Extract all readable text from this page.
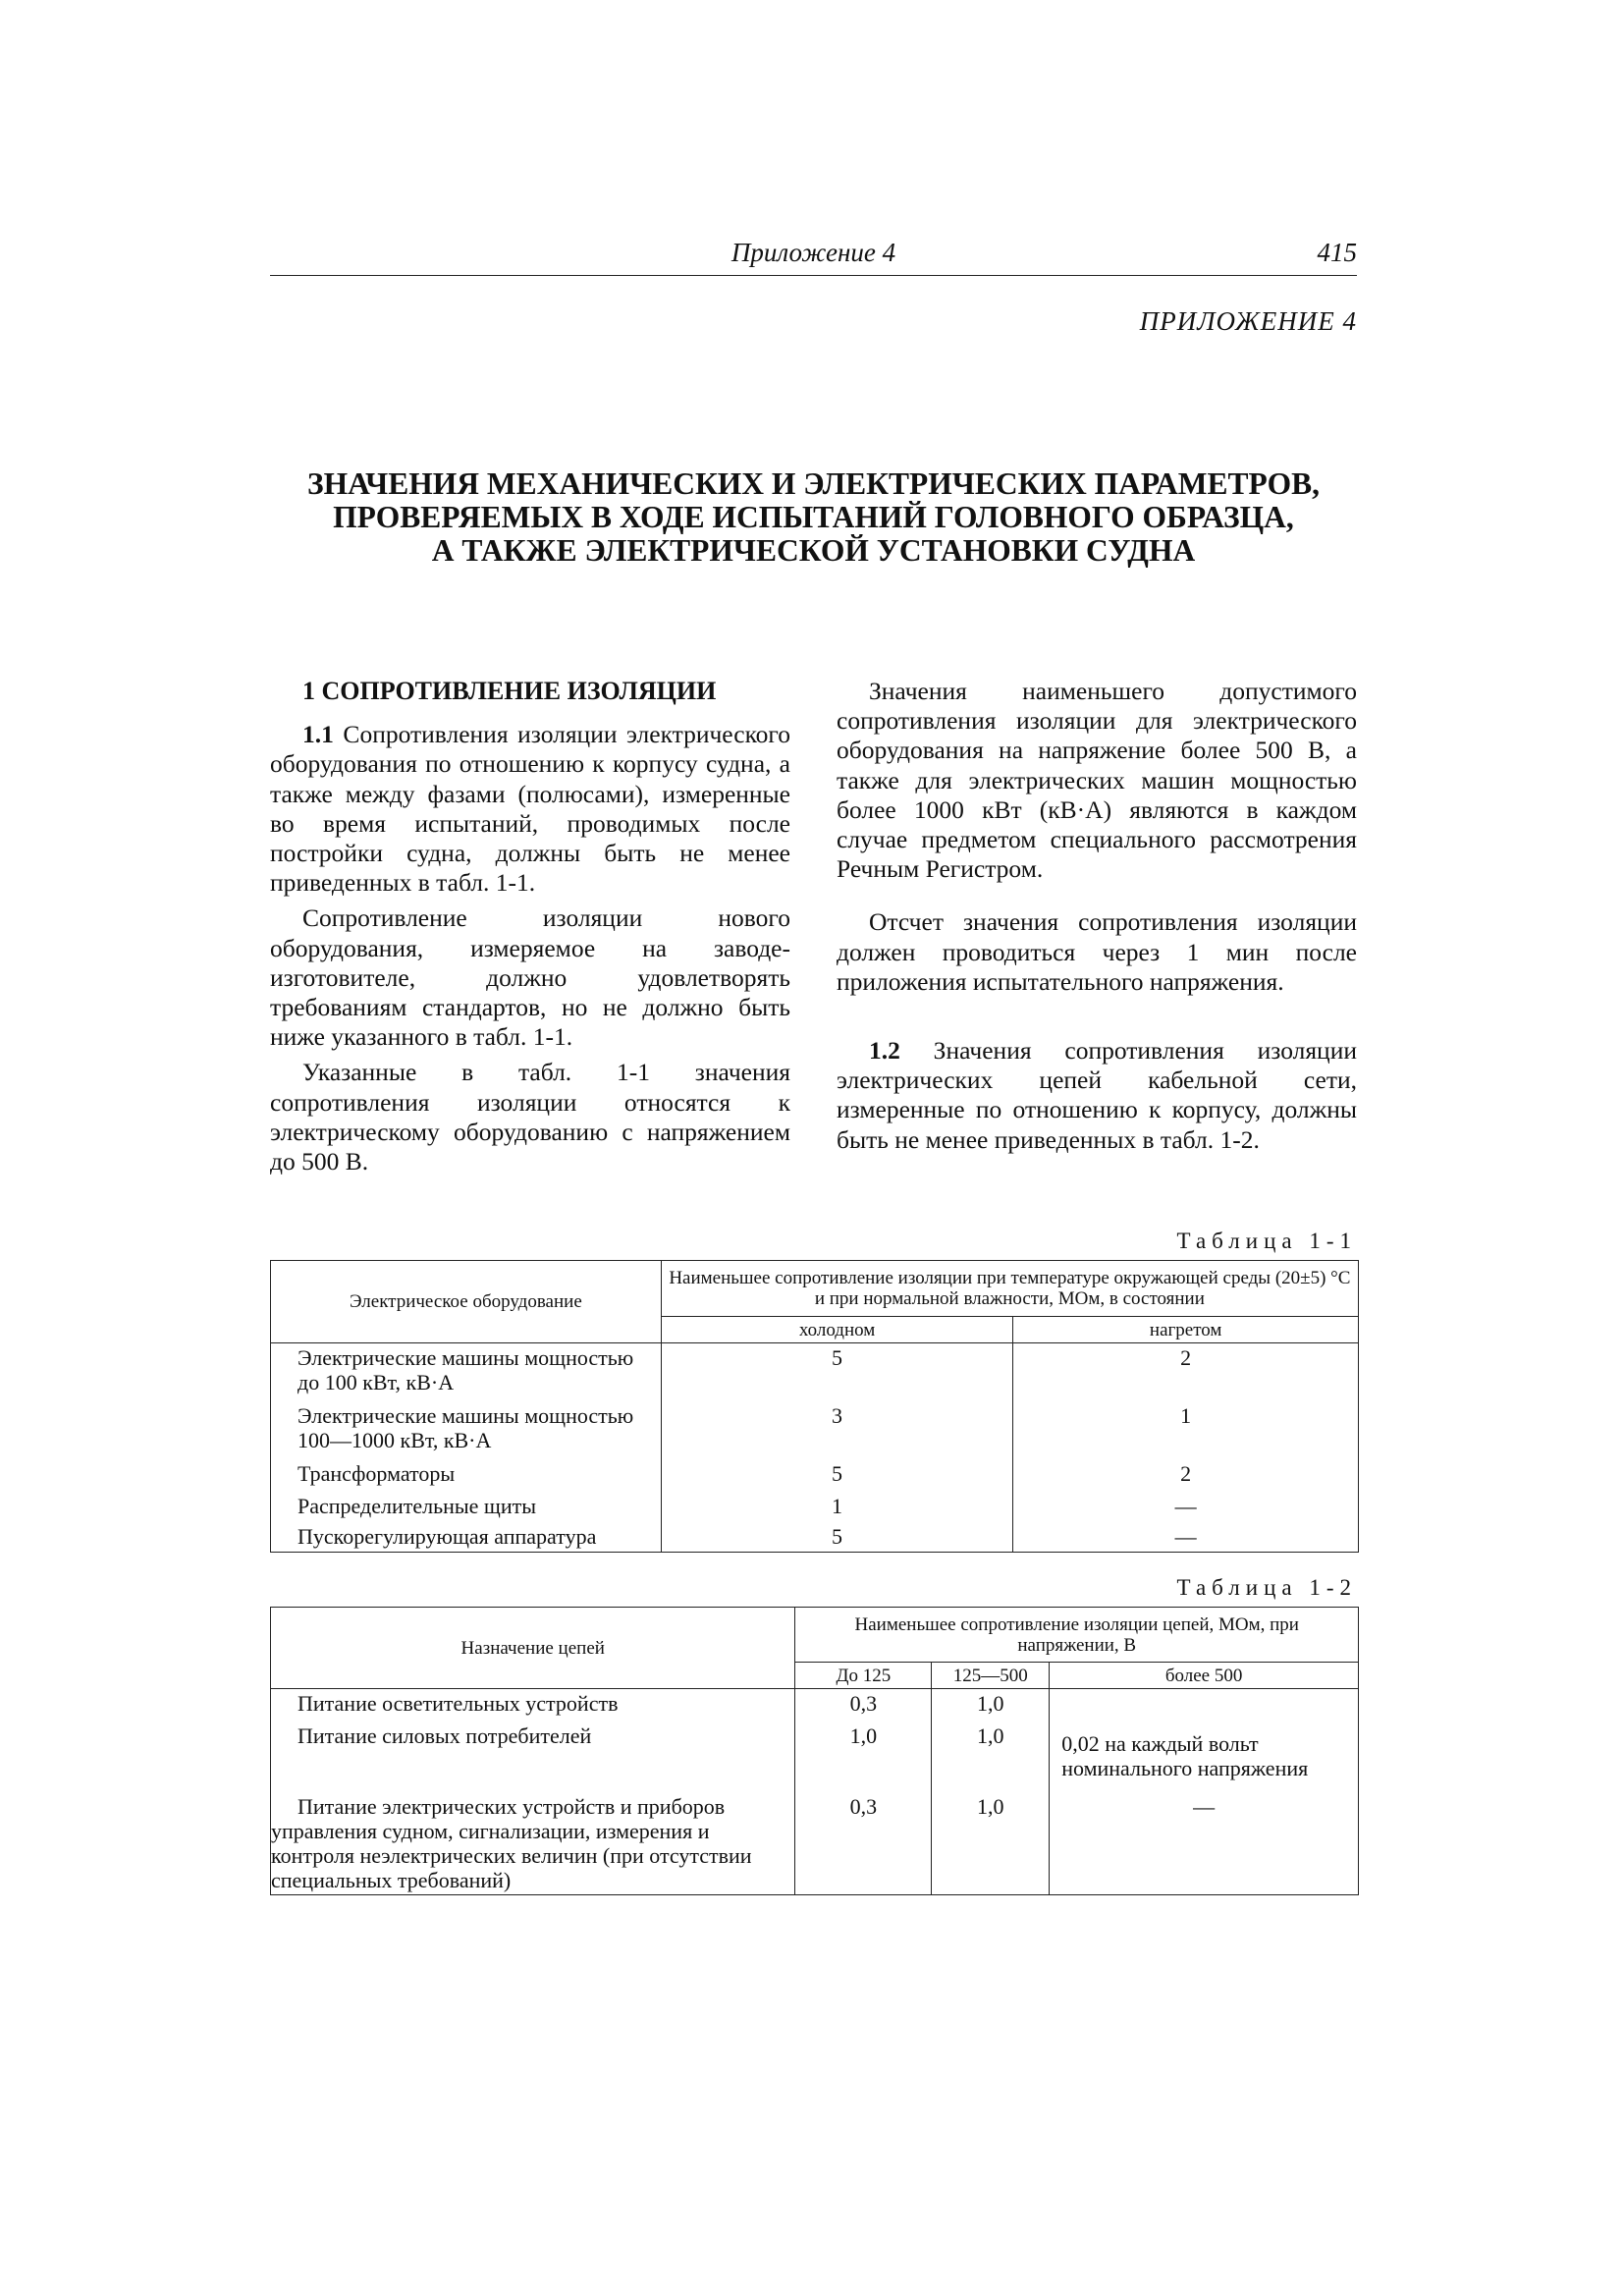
Приложение 4	415
ПРИЛОЖЕНИЕ 4
ЗНАЧЕНИЯ МЕХАНИЧЕСКИХ И ЭЛЕКТРИЧЕСКИХ ПАРАМЕТРОВ,
ПРОВЕРЯЕМЫХ В ХОДЕ ИСПЫТАНИЙ ГОЛОВНОГО ОБРАЗЦА,
А ТАКЖЕ ЭЛЕКТРИЧЕСКОЙ УСТАНОВКИ СУДНА
1 СОПРОТИВЛЕНИЕ ИЗОЛЯЦИИ

1.1 Сопротивления изоляции электрического оборудования по отношению к корпусу судна, а также между фазами (полюсами), измеренные во время испытаний, проводимых после постройки судна, должны быть не менее приведенных в табл. 1-1.

Сопротивление изоляции нового оборудования, измеряемое на заводе-изготовителе, должно удовлетворять требованиям стандартов, но не должно быть ниже указанного в табл. 1-1.

Указанные в табл. 1-1 значения сопротивления изоляции относятся к электрическому оборудованию с напряжением до 500 В.

Значения наименьшего допустимого сопротивления изоляции для электрического оборудования на напряжение более 500 В, а также для электрических машин мощностью более 1000 кВт (кВ·А) являются в каждом случае предметом специального рассмотрения Речным Регистром.

Отсчет значения сопротивления изоляции должен проводиться через 1 мин после приложения испытательного напряжения.

1.2 Значения сопротивления изоляции электрических цепей кабельной сети, измеренные по отношению к корпусу, должны быть не менее приведенных в табл. 1-2.

Таблица 1-1
Электрическое оборудование	Наименьшее сопротивление изоляции при температуре окружающей среды (20±5) °С и при нормальной влажности, МОм, в состоянии	
	холодном	нагретом
Электрические машины мощностью до 100 кВт, кВ·А	5	2
Электрические машины мощностью 100—1000 кВт, кВ·А	3	1
Трансформаторы	5	2
Распределительные щиты	1	—
Пускорегулирующая аппаратура	5	—
Таблица 1-2
Назначение цепей	Наименьшее сопротивление изоляции цепей, МОм, при напряжении, В		
	До 125	125—500	более 500
Питание осветительных устройств	0,3	1,0	
Питание силовых потребителей	1,0	1,0	0,02 на каждый вольт номинального напряжения
Питание электрических устройств и приборов управления судном, сигнализации, измерения и контроля неэлектрических величин (при отсутствии специальных требований)	0,3	1,0	—
